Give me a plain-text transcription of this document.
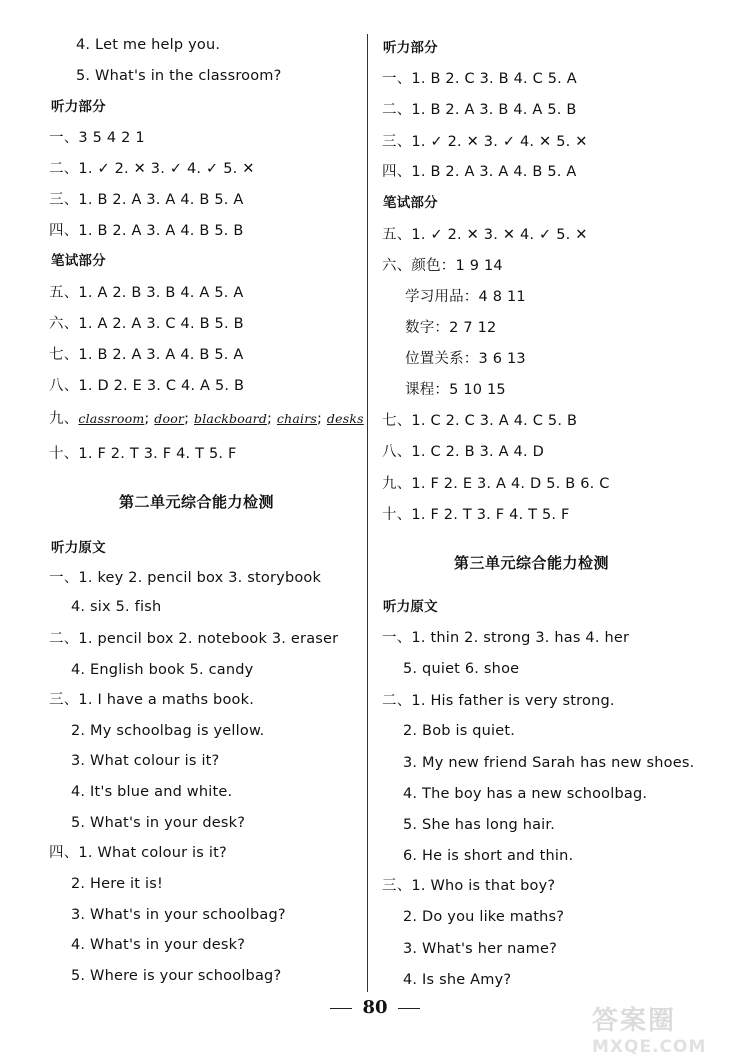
4. Let me help you.
5. What's in the classroom?
听力部分
一、3 5 4 2 1
二、1. ✓ 2. ✕ 3. ✓ 4. ✓ 5. ✕
三、1. B 2. A 3. A 4. B 5. A
四、1. B 2. A 3. A 4. B 5. B
笔试部分
五、1. A 2. B 3. B 4. A 5. A
六、1. A 2. A 3. C 4. B 5. B
七、1. B 2. A 3. A 4. B 5. A
八、1. D 2. E 3. C 4. A 5. B
九、classroom; door; blackboard; chairs; desks
十、1. F 2. T 3. F 4. T 5. F
第二单元综合能力检测
听力原文
一、1. key 2. pencil box 3. storybook
4. six 5. fish
二、1. pencil box 2. notebook 3. eraser
4. English book 5. candy
三、1. I have a maths book.
2. My schoolbag is yellow.
3. What colour is it?
4. It's blue and white.
5. What's in your desk?
四、1. What colour is it?
2. Here it is!
3. What's in your schoolbag?
4. What's in your desk?
5. Where is your schoolbag?
听力部分
一、1. B 2. C 3. B 4. C 5. A
二、1. B 2. A 3. B 4. A 5. B
三、1. ✓ 2. ✕ 3. ✓ 4. ✕ 5. ✕
四、1. B 2. A 3. A 4. B 5. A
笔试部分
五、1. ✓ 2. ✕ 3. ✕ 4. ✓ 5. ✕
六、颜色：1 9 14
学习用品：4 8 11
数字：2 7 12
位置关系：3 6 13
课程：5 10 15
七、1. C 2. C 3. A 4. C 5. B
八、1. C 2. B 3. A 4. D
九、1. F 2. E 3. A 4. D 5. B 6. C
十、1. F 2. T 3. F 4. T 5. F
第三单元综合能力检测
听力原文
一、1. thin 2. strong 3. has 4. her
5. quiet 6. shoe
二、1. His father is very strong.
2. Bob is quiet.
3. My new friend Sarah has new shoes.
4. The boy has a new schoolbag.
5. She has long hair.
6. He is short and thin.
三、1. Who is that boy?
2. Do you like maths?
3. What's her name?
4. Is she Amy?
80	答案圈
MXQE.COM
